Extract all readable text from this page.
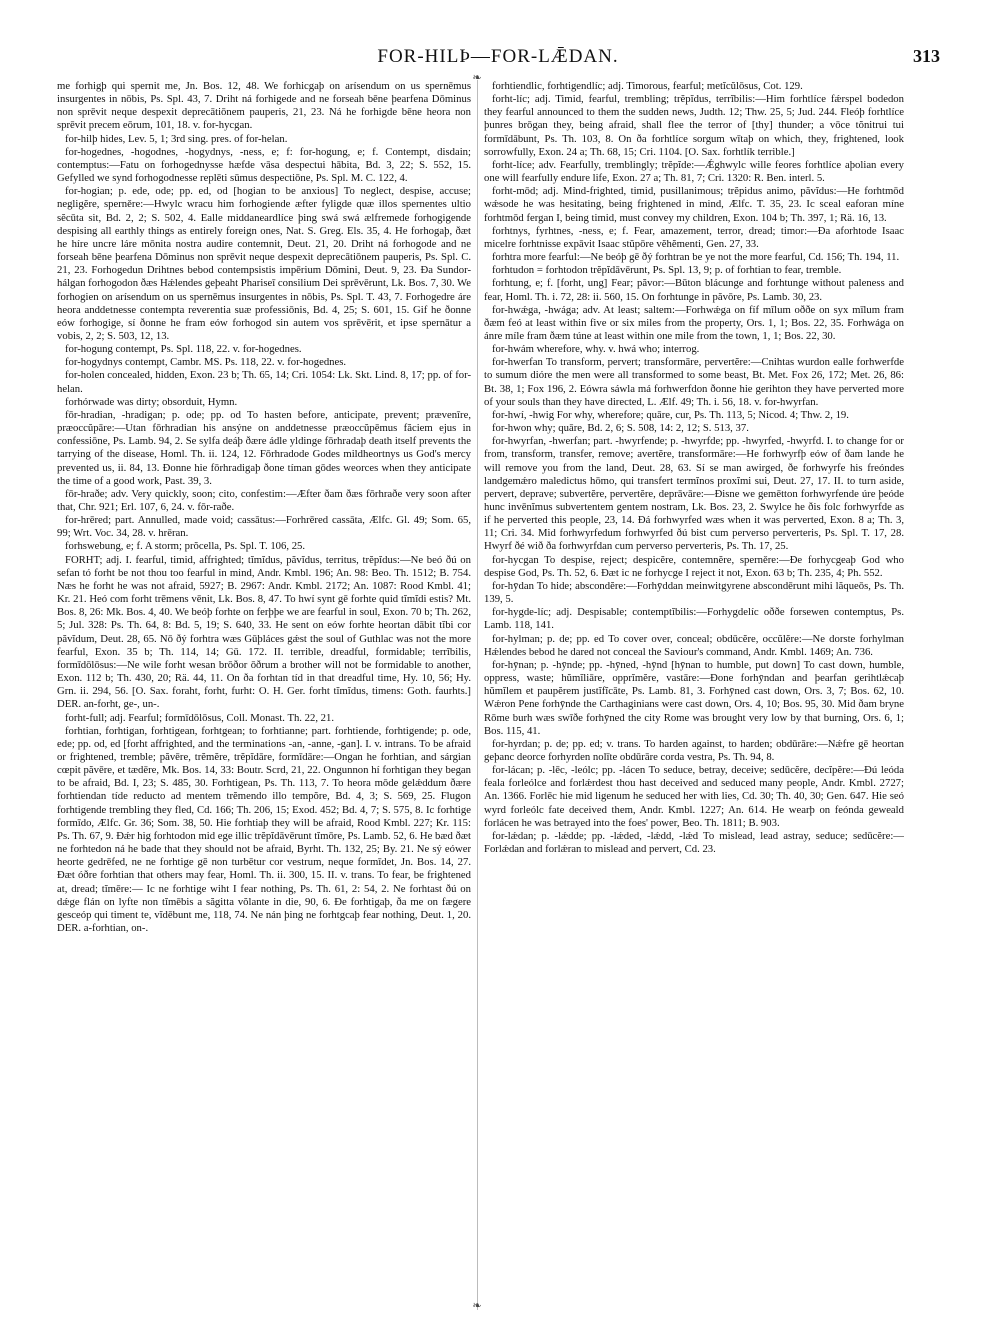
FOR-HILÞ—FOR-LǢDAN.	313
❧
❧

me forhigþ qui spernit me, Jn. Bos. 12, 48. We forhicgaþ on arísendum on us spernēmus insurgentes in nōbis, Ps. Spl. 43, 7. Driht ná forhigede and ne forseah bēne þearfena Dōminus non sprēvit neque despexit deprecātiōnem pauperis, 21, 23. Ná he forhigde bēne heora non sprēvit precem eōrum, 101, 18. v. for-hycgan.

for-hilþ hides, Lev. 5, 1; 3rd sing. pres. of for-helan.

for-hogednes, -hogodnes, -hogydnys, -ness, e; f: for-hogung, e; f. Contempt, disdain; contemptus:—Fatu on forhogednysse hæfde vāsa despectui hābita, Bd. 3, 22; S. 552, 15. Gefylled we synd forhogodnesse replēti sūmus despectiōne, Ps. Spl. M. C. 122, 4.

for-hogian; p. ede, ode; pp. ed, od [hogian to be anxious] To neglect, despise, accuse; negligĕre, sperněre:—Hwylc wracu him forhogiende æfter fyligde quæ illos spernentes ultio sĕcūta sit, Bd. 2, 2; S. 502, 4. Ealle middaneardlíce þing swá swá ælfremede forhogigende despising all earthly things as entirely foreign ones, Nat. S. Greg. Els. 35, 4. He forhogaþ, ðæt he híre uncre láre mōnita nostra audire contemnit, Deut. 21, 20. Driht ná forhogode and ne forseah bēne þearfena Dōminus non sprēvit neque despexit deprecātiōnem pauperis, Ps. Spl. C. 21, 23. Forhogedun Drihtnes bebod contempsistis impērium Dōmini, Deut. 9, 23. Ða Sundor-hálgan forhogodon ðæs Hǽlendes geþeaht Phariseī consilium Dei sprēvērunt, Lk. Bos. 7, 30. We forhogien on arísendum on us spernēmus insurgentes in nōbis, Ps. Spl. T. 43, 7. Forhogedre áre heora anddetnesse contempta reverentia suæ professiōnis, Bd. 4, 25; S. 601, 15. Gif he ðonne eów forhogige, sí ðonne he fram eów forhogod sin autem vos sprēvērit, et ipse spernātur a vobis, 2, 2; S. 503, 12, 13.

for-hogung contempt, Ps. Spl. 118, 22. v. for-hogednes.

for-hogydnys contempt, Cambr. MS. Ps. 118, 22. v. for-hogednes.

for-holen concealed, hidden, Exon. 23 b; Th. 65, 14; Cri. 1054: Lk. Skt. Lind. 8, 17; pp. of for-helan.

forhórwade was dirty; obsorduit, Hymn.

fōr-hradian, -hradigan; p. ode; pp. od To hasten before, anticipate, prevent; prævenīre, præoccŭpāre:—Utan fōrhradian his ansýne on anddetnesse præoccŭpēmus făciem ejus in confessiōne, Ps. Lamb. 94, 2. Se sylfa deáþ ðære ádle yldinge fōrhradaþ death itself prevents the tarrying of the disease, Homl. Th. ii. 124, 12. Fōrhradode Godes mildheortnys us God's mercy prevented us, ii. 84, 13. Ðonne hie fōrhradigaþ ðone tíman gōdes weorces when they anticipate the time of a good work, Past. 39, 3.

fōr-hraðe; adv. Very quickly, soon; cito, confestim:—Æfter ðam ðæs fōrhraðe very soon after that, Chr. 921; Erl. 107, 6, 24. v. fōr-raðe.

for-hrēred; part. Annulled, made void; cassātus:—Forhrēred cassāta, Ælfc. Gl. 49; Som. 65, 99; Wrt. Voc. 34, 28. v. hrēran.

forhswebung, e; f. A storm; prŏcella, Ps. Spl. T. 106, 25.

FORHT; adj. I. fearful, timid, affrighted; tĭmĭdus, păvĭdus, territus, trĕpĭdus:—Ne beó ðú on sefan tó forht be not thou too fearful in mind, Andr. Kmbl. 196; An. 98: Beo. Th. 1512; B. 754. Næs he forht he was not afraid, 5927; B. 2967: Andr. Kmbl. 2172; An. 1087: Rood Kmbl. 41; Kr. 21. Heó com forht trēmens vēnit, Lk. Bos. 8, 47. To hwí synt gē forhte quid tĭmĭdi estis? Mt. Bos. 8, 26: Mk. Bos. 4, 40. We beóþ forhte on ferþþe we are fearful in soul, Exon. 70 b; Th. 262, 5; Jul. 328: Ps. Th. 64, 8: Bd. 5, 19; S. 640, 33. He sent on eów forhte heortan dābit tĭbi cor păvĭdum, Deut. 28, 65. Nō ðý forhtra wæs Gūþláces gǽst the soul of Guthlac was not the more fearful, Exon. 35 b; Th. 114, 14; Gū. 172. II. terrible, dreadful, formidable; terrĭbilis, formīdōlōsus:—Ne wile forht wesan brōðor ōðrum a brother will not be formidable to another, Exon. 112 b; Th. 430, 20; Rä. 44, 11. On ða forhtan tíd in that dreadful time, Hy. 10, 56; Hy. Grn. ii. 294, 56. [O. Sax. foraht, forht, furht: O. H. Ger. forht tĭmĭdus, timens: Goth. faurhts.] DER. an-forht, ge-, un-.

forht-full; adj. Fearful; formīdōlōsus, Coll. Monast. Th. 22, 21.

forhtian, forhtigan, forhtigean, forhtgean; to forhtianne; part. forhtiende, forhtigende; p. ode, ede; pp. od, ed [forht affrighted, and the terminations -an, -anne, -gan]. I. v. intrans. To be afraid or frightened, tremble; păvēre, trĕmĕre, trĕpĭdāre, formīdāre:—Ongan he forhtian, and sárgian cœpit păvēre, et tædēre, Mk. Bos. 14, 33: Boutr. Scrd, 21, 22. Ongunnon hí forhtigan they began to be afraid, Bd. I, 23; S. 485, 30. Forhtigean, Ps. Th. 113, 7. To heora mōde gelǽddum ðære forhtiendan tíde reducto ad mentem trĕmendo illo tempŏre, Bd. 4, 3; S. 569, 25. Flugon forhtigende trembling they fled, Cd. 166; Th. 206, 15; Exod. 452; Bd. 4, 7; S. 575, 8. Ic forhtige formīdo, Ælfc. Gr. 36; Som. 38, 50. Hie forhtiaþ they will be afraid, Rood Kmbl. 227; Kr. 115: Ps. Th. 67, 9. Ðǽr hig forhtodon mid ege illic trĕpĭdāvērunt tĭmōre, Ps. Lamb. 52, 6. He bæd ðæt ne forhtedon ná he bade that they should not be afraid, Byrht. Th. 132, 25; By. 21. Ne sý eówer heorte gedrēfed, ne ne forhtige gē non turbētur cor vestrum, neque formīdet, Jn. Bos. 14, 27. Ðæt óðre forhtian that others may fear, Homl. Th. ii. 300, 15. II. v. trans. To fear, be frightened at, dread; tĭmēre:— Ic ne forhtige wiht I fear nothing, Ps. Th. 61, 2: 54, 2. Ne forhtast ðú on dǽge flán on lyfte non tĭmēbis a săgitta vŏlante in die, 90, 6. Ðe forhtigaþ, ða me on fægere gesceóp qui timent te, vĭdēbunt me, 118, 74. Ne nán þing ne forhtgcaþ fear nothing, Deut. 1, 20. DER. a-forhtian, on-.

forhtiendlic, forhtigendlíc; adj. Timorous, fearful; metĭcŭlōsus, Cot. 129.

forht-líc; adj. Timid, fearful, trembling; trĕpĭdus, terrĭbilis:—Him forhtlíce fǽrspel bodedon they fearful announced to them the sudden news, Judth. 12; Thw. 25, 5; Jud. 244. Fleóþ forhtlíce þunres brōgan they, being afraid, shall flee the terror of [thy] thunder; a vōce tŏnitrui tui formīdābunt, Ps. Th. 103, 8. On ða forhtlíce sorgum wītaþ on which, they, frightened, look sorrowfully, Exon. 24 a; Th. 68, 15; Cri. 1104. [O. Sax. forhtlík terrible.]

forht-líce; adv. Fearfully, tremblingly; trĕpĭde:—Ǽghwylc wille feores forhtlíce aþolian every one will fearfully endure life, Exon. 27 a; Th. 81, 7; Cri. 1320: R. Ben. interl. 5.

forht-mōd; adj. Mind-frighted, timid, pusillanimous; trĕpidus animo, păvĭdus:—He forhtmōd wǽsode he was hesitating, being frightened in mind, Ælfc. T. 35, 23. Ic sceal eaforan míne forhtmōd fergan I, being timid, must convey my children, Exon. 104 b; Th. 397, 1; Rä. 16, 13.

forhtnys, fyrhtnes, -ness, e; f. Fear, amazement, terror, dread; timor:—Ða aforhtode Isaac micelre forhtnisse expāvit Isaac stŭpōre vĕhĕmenti, Gen. 27, 33.

forhtra more fearful:—Ne beóþ gē ðý forhtran be ye not the more fearful, Cd. 156; Th. 194, 11.

forhtudon = forhtodon trĕpĭdāvērunt, Ps. Spl. 13, 9; p. of forhtian to fear, tremble.

forhtung, e; f. [forht, ung] Fear; păvor:—Būton blácunge and forhtunge without paleness and fear, Homl. Th. i. 72, 28: ii. 560, 15. On forhtunge in păvōre, Ps. Lamb. 30, 23.

for-hwǽga, -hwága; adv. At least; saltem:—Forhwǽga on fíf mīlum oððe on syx mīlum fram ðæm feó at least within five or six miles from the property, Ors. 1, 1; Bos. 22, 35. Forhwága on ánre míle fram ðæm túne at least within one mile from the town, 1, 1; Bos. 22, 30.

for-hwám wherefore, why. v. hwá who; interrog.

for-hwerfan To transform, pervert; transformāre, pervertĕre:—Cnihtas wurdon ealle forhwerfde to sumum dióre the men were all transformed to some beast, Bt. Met. Fox 26, 172; Met. 26, 86: Bt. 38, 1; Fox 196, 2. Eówra sáwla má forhwerfdon ðonne hie gerihton they have perverted more of your souls than they have directed, L. Ælf. 49; Th. i. 56, 18. v. for-hwyrfan.

for-hwí, -hwig For why, wherefore; quāre, cur, Ps. Th. 113, 5; Nicod. 4; Thw. 2, 19.

for-hwon why; quāre, Bd. 2, 6; S. 508, 14: 2, 12; S. 513, 37.

for-hwyrfan, -hwerfan; part. -hwyrfende; p. -hwyrfde; pp. -hwyrfed, -hwyrfd. I. to change for or from, transform, transfer, remove; avertĕre, transformāre:—He forhwyrfþ eów of ðam lande he will remove you from the land, Deut. 28, 63. Sí se man awirged, ðe forhwyrfe his freóndes landgemǽro maledictus hōmo, qui transfert termĭnos proxĭmi sui, Deut. 27, 17. II. to turn aside, pervert, deprave; subvertĕre, pervertĕre, deprāvāre:—Ðisne we gemētton forhwyrfende úre þeóde hunc invēnĭmus subvertentem gentem nostram, Lk. Bos. 23, 2. Swylce he ðis folc forhwyrfde as if he perverted this people, 23, 14. Ðá forhwyrfed wæs when it was perverted, Exon. 8 a; Th. 3, 11; Cri. 34. Mid forhwyrfedum forhwyrfed ðú bist cum perverso perverteris, Ps. Spl. T. 17, 28. Hwyrf ðé wið ða forhwyrfdan cum perverso perverteris, Ps. Th. 17, 25.

for-hycgan To despise, reject; despicĕre, contemnĕre, sperněre:—Ðe forhycgeaþ God who despise God, Ps. Th. 52, 6. Ðæt ic ne forhycge I reject it not, Exon. 63 b; Th. 235, 4; Ph. 552.

for-hȳdan To hide; abscondĕre:—Forhȳddan meinwitgyrene abscondērunt mihi lăqueōs, Ps. Th. 139, 5.

for-hygde-líc; adj. Despisable; contemptĭbilis:—Forhygdelíc oððe forsewen contemptus, Ps. Lamb. 118, 141.

for-hylman; p. de; pp. ed To cover over, conceal; obdūcĕre, occŭlĕre:—Ne dorste forhylman Hǽlendes bebod he dared not conceal the Saviour's command, Andr. Kmbl. 1469; An. 736.

for-hȳnan; p. -hȳnde; pp. -hȳned, -hȳnd [hȳnan to humble, put down] To cast down, humble, oppress, waste; hŭmĭliāre, opprĭmĕre, vastāre:—Ðone forhȳndan and þearfan gerihtlǽcaþ hŭmĭlem et paupĕrem justĭfĭcāte, Ps. Lamb. 81, 3. Forhȳned cast down, Ors. 3, 7; Bos. 62, 10. Wǽron Pene forhȳnde the Carthaginians were cast down, Ors. 4, 10; Bos. 95, 30. Mid ðam bryne Rōme burh wæs swīðe forhȳned the city Rome was brought very low by that burning, Ors. 6, 1; Bos. 115, 41.

for-hyrdan; p. de; pp. ed; v. trans. To harden against, to harden; obdūrāre:—Nǽfre gē heortan geþanc deorce forhyrden nolīte obdūrāre corda vestra, Ps. Th. 94, 8.

for-lácan; p. -lēc, -leólc; pp. -lácen To seduce, betray, deceive; sedūcĕre, decĭpĕre:—Ðú leóda feala forleólce and forlǽrdest thou hast deceived and seduced many people, Andr. Kmbl. 2727; An. 1366. Forlēc hie mid ligenum he seduced her with lies, Cd. 30; Th. 40, 30; Gen. 647. Hie seó wyrd forleólc fate deceived them, Andr. Kmbl. 1227; An. 614. He wearþ on feónda geweald forlácen he was betrayed into the foes' power, Beo. Th. 1811; B. 903.

for-lǽdan; p. -lǽdde; pp. -lǽded, -lǽdd, -lǽd To mislead, lead astray, seduce; sedūcĕre:—Forlǽdan and forlǽran to mislead and pervert, Cd. 23.
